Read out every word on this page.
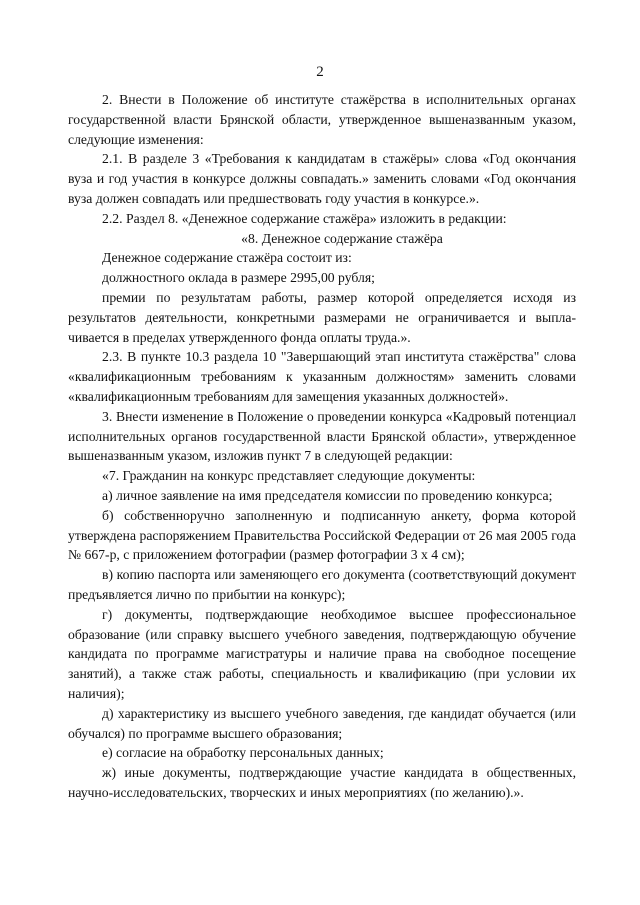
2

2. Внести в Положение об институте стажёрства в исполнительных органах государственной власти Брянской области, утвержденное вышеназванным указом, следующие изменения:

2.1. В разделе 3 «Требования к кандидатам в стажёры» слова «Год окончания вуза и год участия в конкурсе должны совпадать.» заменить словами «Год окончания вуза должен совпадать или предшествовать году участия в конкурсе.».

2.2. Раздел 8. «Денежное содержание стажёра» изложить в редакции:

«8. Денежное содержание стажёра

Денежное содержание стажёра состоит из:

должностного оклада в размере 2995,00 рубля;

премии по результатам работы, размер которой определяется исходя из результатов деятельности, конкретными размерами не ограничивается и выплачивается в пределах утвержденного фонда оплаты труда.».

2.3. В пункте 10.3 раздела 10 "Завершающий этап института стажёрства" слова «квалификационным требованиям к указанным должностям» заменить словами «квалификационным требованиям для замещения указанных должностей».

3. Внести изменение в Положение о проведении конкурса «Кадровый потенциал исполнительных органов государственной власти Брянской области», утвержденное вышеназванным указом, изложив пункт 7 в следующей редакции:

«7. Гражданин на конкурс представляет следующие документы:

а) личное заявление на имя председателя комиссии по проведению конкурса;

б) собственноручно заполненную и подписанную анкету, форма которой утверждена распоряжением Правительства Российской Федерации от 26 мая 2005 года № 667-р, с приложением фотографии (размер фотографии 3 х 4 см);

в) копию паспорта или заменяющего его документа (соответствующий документ предъявляется лично по прибытии на конкурс);

г) документы, подтверждающие необходимое высшее профессиональное образование (или справку высшего учебного заведения, подтверждающую обучение кандидата по программе магистратуры и наличие права на свободное посещение занятий), а также стаж работы, специальность и квалификацию (при условии их наличия);

д) характеристику из высшего учебного заведения, где кандидат обучается (или обучался) по программе высшего образования;

е) согласие на обработку персональных данных;

ж) иные документы, подтверждающие участие кандидата в общественных, научно-исследовательских, творческих и иных мероприятиях (по желанию).».
